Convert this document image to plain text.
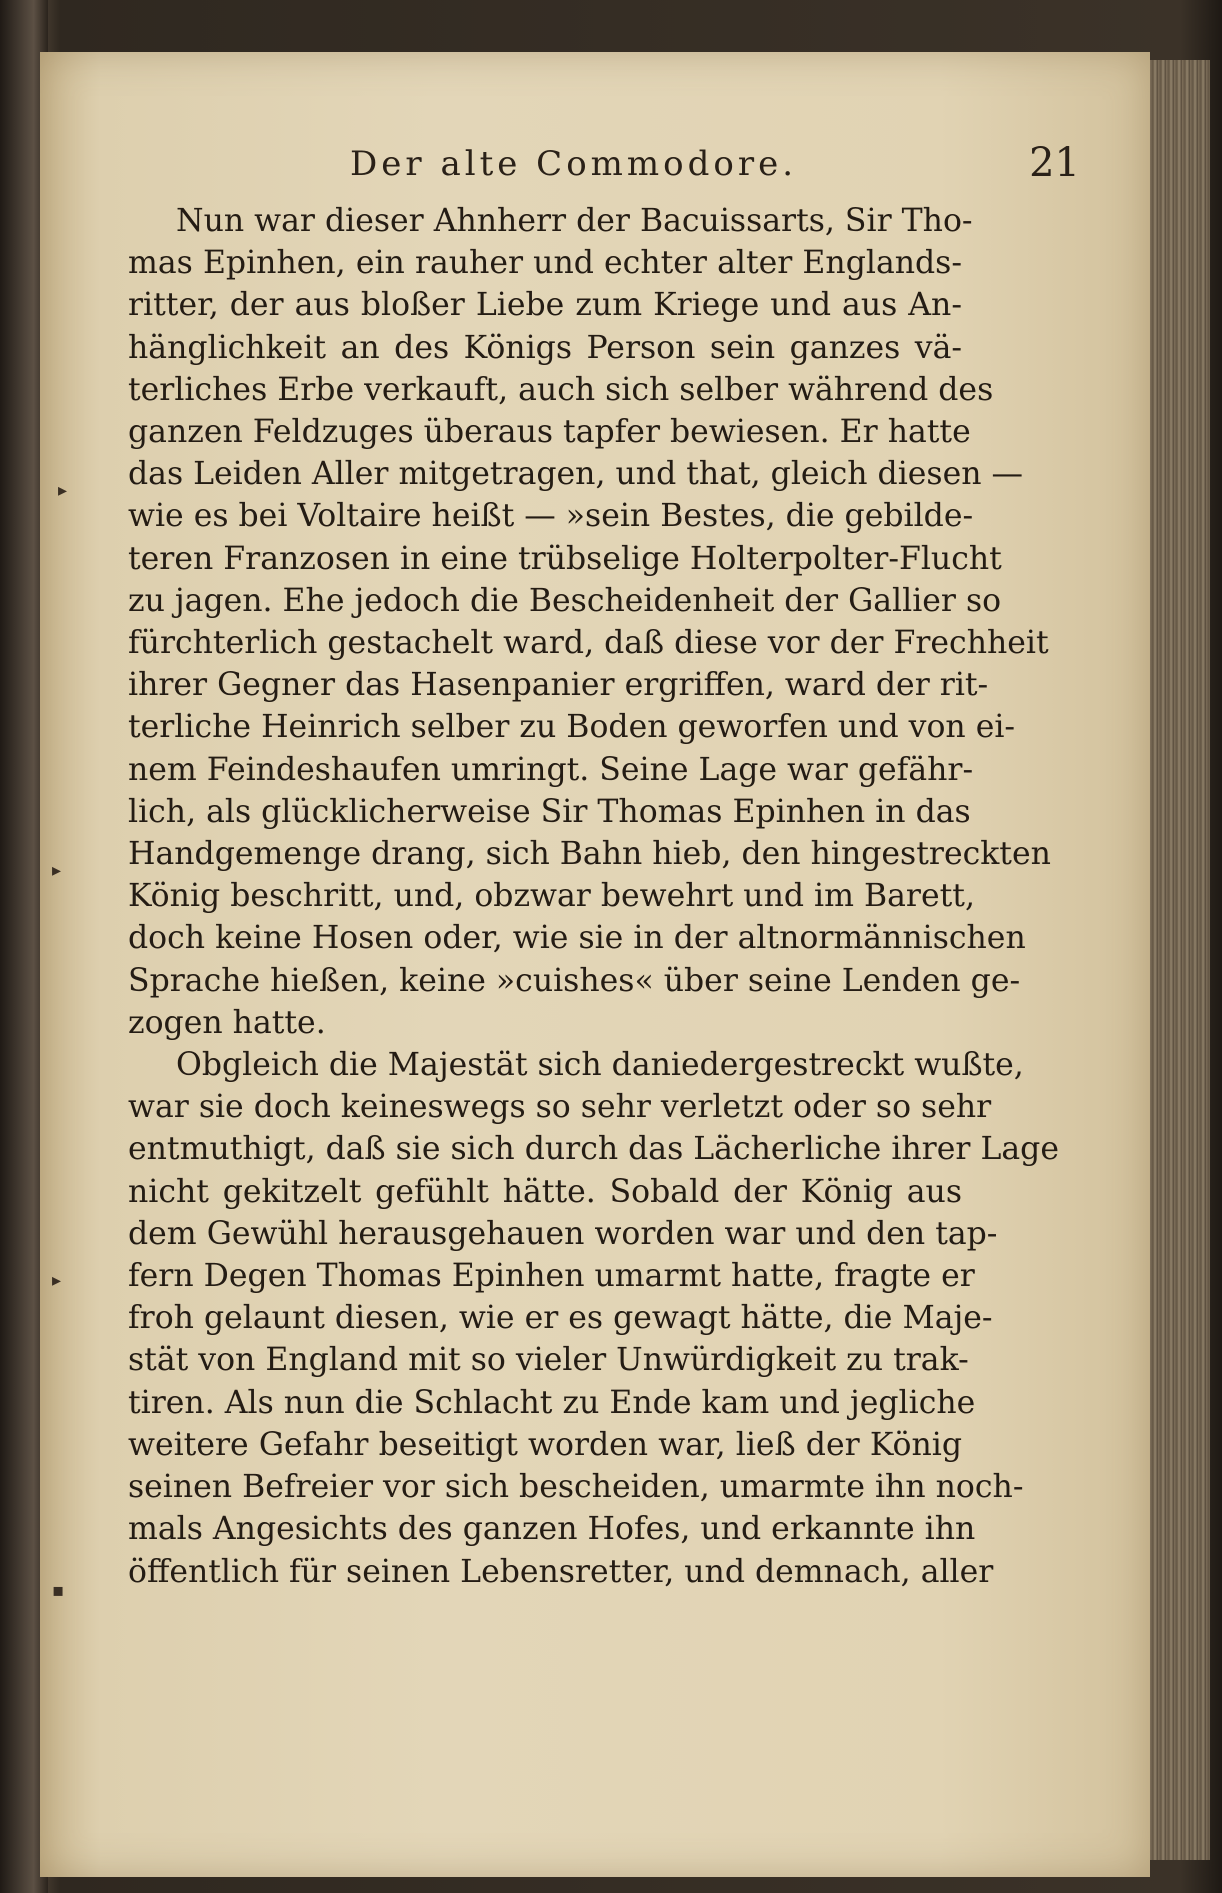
Der alte Commodore.	21
▸
▸
▸
▪
Nun war dieser Ahnherr der Bacuissarts, Sir Tho-
mas Epinhen, ein rauher und echter alter Englands-
ritter, der aus bloßer Liebe zum Kriege und aus An-
hänglichkeit an des Königs Person sein ganzes vä-
terliches Erbe verkauft, auch sich selber während des
ganzen Feldzuges überaus tapfer bewiesen. Er hatte
das Leiden Aller mitgetragen, und that, gleich diesen —
wie es bei Voltaire heißt — »sein Bestes, die gebilde-
teren Franzosen in eine trübselige Holterpolter-Flucht
zu jagen. Ehe jedoch die Bescheidenheit der Gallier so
fürchterlich gestachelt ward, daß diese vor der Frechheit
ihrer Gegner das Hasenpanier ergriffen, ward der rit-
terliche Heinrich selber zu Boden geworfen und von ei-
nem Feindeshaufen umringt. Seine Lage war gefähr-
lich, als glücklicherweise Sir Thomas Epinhen in das
Handgemenge drang, sich Bahn hieb, den hingestreckten
König beschritt, und, obzwar bewehrt und im Barett,
doch keine Hosen oder, wie sie in der altnormännischen
Sprache hießen, keine »cuishes« über seine Lenden ge-
zogen hatte.
Obgleich die Majestät sich daniedergestreckt wußte,
war sie doch keineswegs so sehr verletzt oder so sehr
entmuthigt, daß sie sich durch das Lächerliche ihrer Lage
nicht gekitzelt gefühlt hätte. Sobald der König aus
dem Gewühl herausgehauen worden war und den tap-
fern Degen Thomas Epinhen umarmt hatte, fragte er
froh gelaunt diesen, wie er es gewagt hätte, die Maje-
stät von England mit so vieler Unwürdigkeit zu trak-
tiren. Als nun die Schlacht zu Ende kam und jegliche
weitere Gefahr beseitigt worden war, ließ der König
seinen Befreier vor sich bescheiden, umarmte ihn noch-
mals Angesichts des ganzen Hofes, und erkannte ihn
öffentlich für seinen Lebensretter, und demnach, aller
